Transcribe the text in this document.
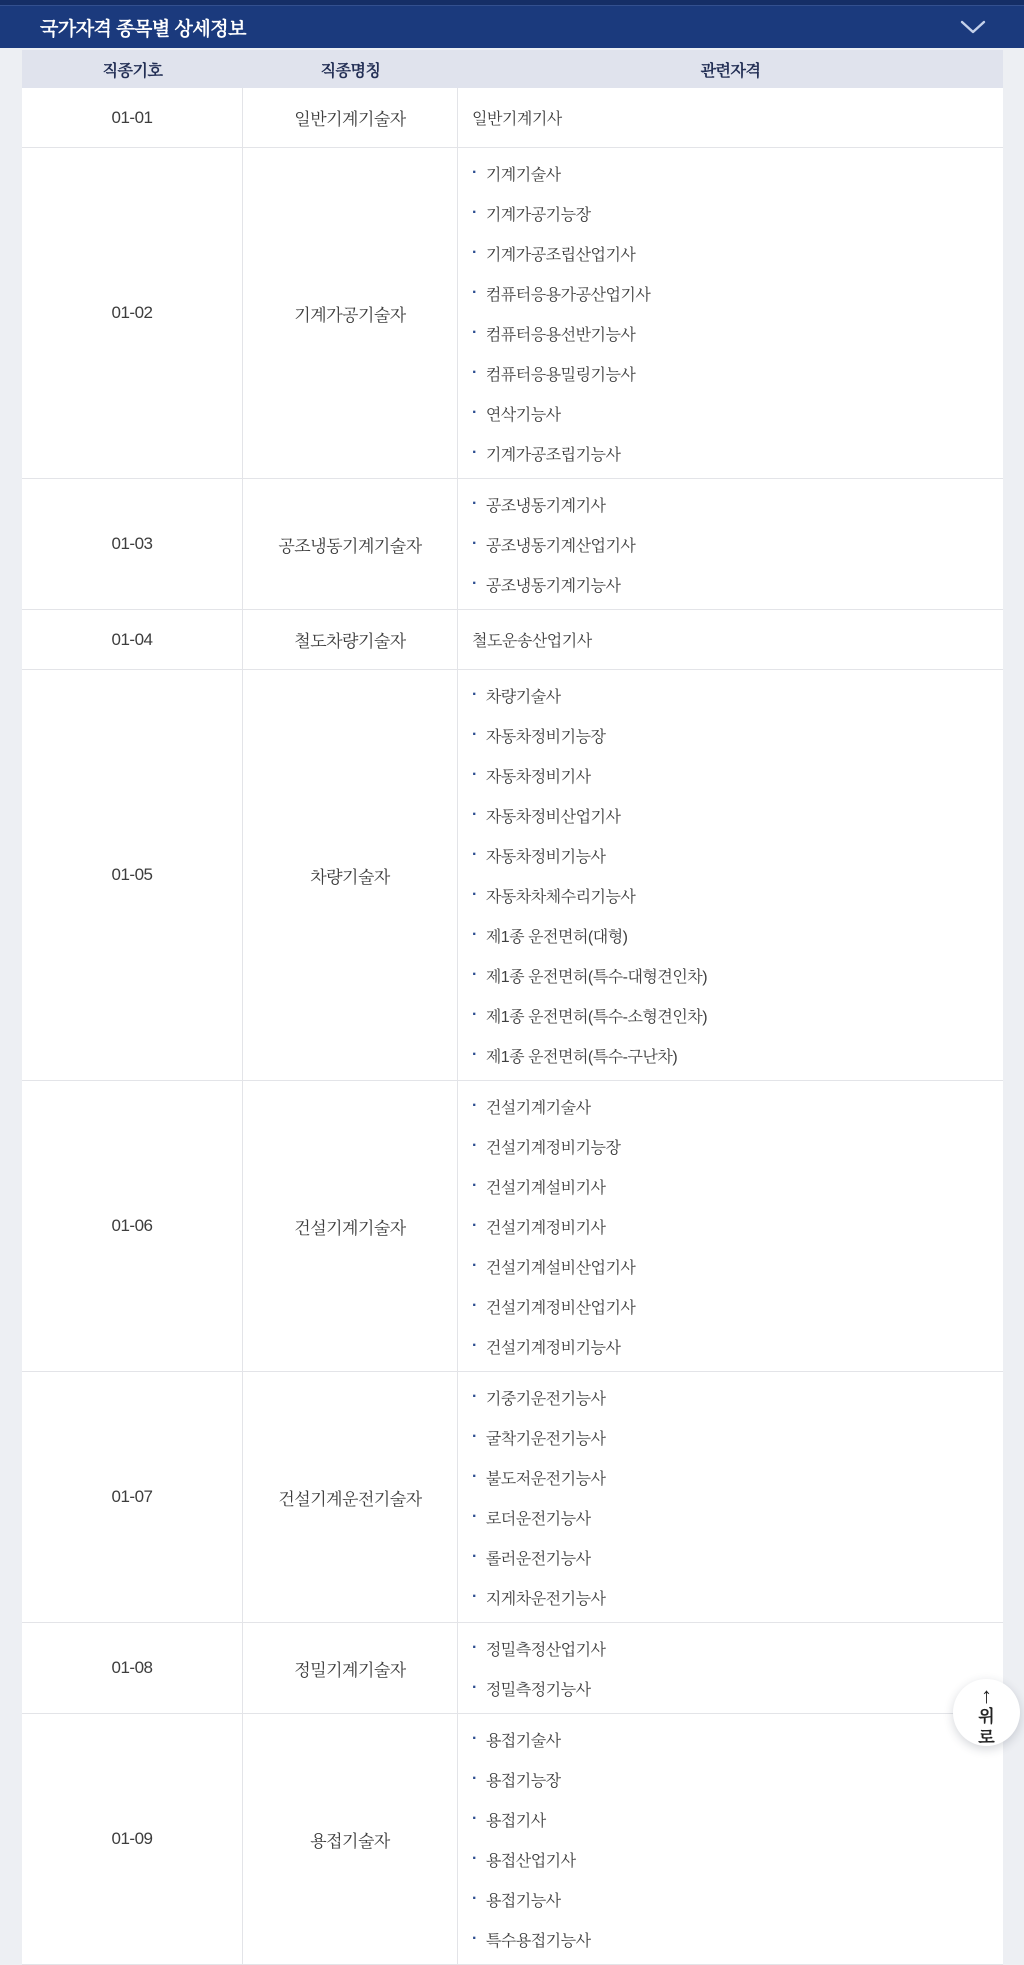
국가자격 종목별 상세정보
직종기호	직종명칭	관련자격
01-01	일반기계기술자	일반기계기사
01-02	기계가공기술자
· 기계기술사
· 기계가공기능장
· 기계가공조립산업기사
· 컴퓨터응용가공산업기사
· 컴퓨터응용선반기능사
· 컴퓨터응용밀링기능사
· 연삭기능사
· 기계가공조립기능사
01-03	공조냉동기계기술자
· 공조냉동기계기사
· 공조냉동기계산업기사
· 공조냉동기계기능사
01-04	철도차량기술자	철도운송산업기사
01-05	차량기술자
· 차량기술사
· 자동차정비기능장
· 자동차정비기사
· 자동차정비산업기사
· 자동차정비기능사
· 자동차차체수리기능사
· 제1종 운전면허(대형)
· 제1종 운전면허(특수-대형견인차)
· 제1종 운전면허(특수-소형견인차)
· 제1종 운전면허(특수-구난차)
01-06	건설기계기술자
· 건설기계기술사
· 건설기계정비기능장
· 건설기계설비기사
· 건설기계정비기사
· 건설기계설비산업기사
· 건설기계정비산업기사
· 건설기계정비기능사
01-07	건설기계운전기술자
· 기중기운전기능사
· 굴착기운전기능사
· 불도저운전기능사
· 로더운전기능사
· 롤러운전기능사
· 지게차운전기능사
01-08	정밀기계기술자
· 정밀측정산업기사
· 정밀측정기능사
01-09	용접기술자
· 용접기술사
· 용접기능장
· 용접기사
· 용접산업기사
· 용접기능사
· 특수용접기능사
↑
위로
